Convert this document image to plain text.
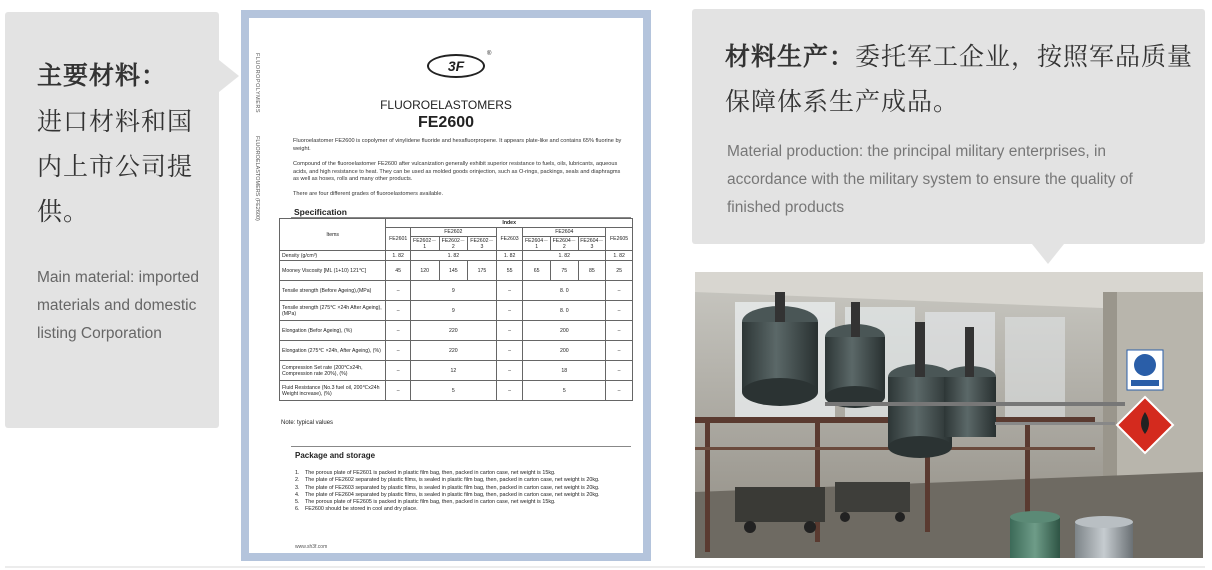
主要材料：
进口材料和国内上市公司提供。
Main material: imported materials and domestic listing Corporation
FLUOROPOLYMERS
FLUOROELASTOMERS (FE2600)
3F
®
FLUOROELASTOMERS
FE2600
Fluoroelastomer FE2600 is copolymer of vinylidene fluoride and hexafluorpropene. It appears plate-like and contains 65% fluorine by weight.
Compound of the fluoroelastomer FE2600 after vulcanization generally exhibit superior resistance to fuels, oils, lubricants, aqueous acids, and high resistance to heat. They can be used as molded goods orinjection, such as O-rings, packings, seals and diaphragms as well as hoses, rolls and many other products.
There are four different grades of fluoroelastomers available.
Specification
Items	Index								
	FE2601	FE2602			FE2603	FE2604			FE2605
		FE2602－1	FE2602－2	FE2602－3		FE2604－1	FE2604－2	FE2604－3	
Density (g/cm³)	1. 82	1. 82			1. 82	1. 82			1. 82
Mooney Viscosity [ML (1+10) 121℃]	45	120	145	175	55	65	75	85	25
Tensile strength (Before Ageing),(MPa)	–	9			–	8. 0			–
Tensile strength (275℃ ×24h After Ageing), (MPa)	–	9			–	8. 0			–
Elongation (Befor Ageing), (%)	–	220			–	200			–
Elongation (275℃ ×24h, After Ageing), (%)	–	220			–	200			–
Compression Set rate (200℃x24h, Compression rate 20%), (%)	–	12			–	18			–
Fluid Resistance (No.3 fuel oil, 200℃x24h Weight increase), (%)	–	5			–	5			–
Note: typical values
Package and storage
1. The porous plate of FE2601 is packed in plastic film bag, then, packed in carton case, net weight is 15kg.
2. The plate of FE2602 separated by plastic films, is sealed in plastic film bag, then, packed in carton case, net weight is 20kg.
3. The plate of FE2603 separated by plastic films, is sealed in plastic film bag, then, packed in carton case, net weight is 20kg.
4. The plate of FE2604 separated by plastic films, is sealed in plastic film bag, then, packed in carton case, net weight is 20kg.
5. The porous plate of FE2605 is packed in plastic film bag, then, packed in carton case, net weight is 15kg.
6. FE2600 should be stored in cool and dry place.
www.sh3f.com
材料生产：委托军工企业，按照军品质量保障体系生产成品。
Material production: the principal military enterprises, in accordance with the military system to ensure the quality of finished products
